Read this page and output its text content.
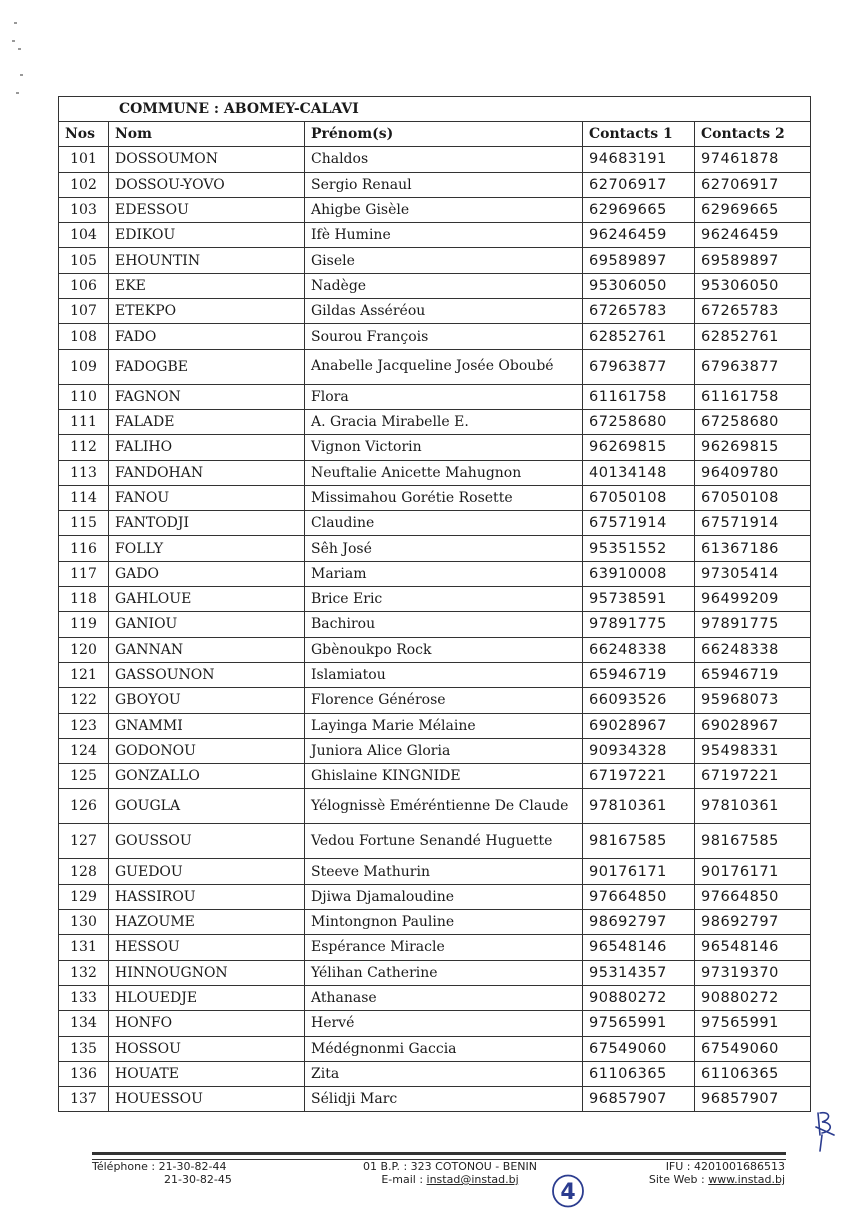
COMMUNE : ABOMEY-CALAVI				
Nos	Nom	Prénom(s)	Contacts 1	Contacts 2
101	DOSSOUMON	Chaldos	94683191	97461878
102	DOSSOU-YOVO	Sergio Renaul	62706917	62706917
103	EDESSOU	Ahigbe Gisèle	62969665	62969665
104	EDIKOU	Ifè Humine	96246459	96246459
105	EHOUNTIN	Gisele	69589897	69589897
106	EKE	Nadège	95306050	95306050
107	ETEKPO	Gildas Asséréou	67265783	67265783
108	FADO	Sourou François	62852761	62852761
109	FADOGBE	Anabelle Jacqueline Josée Oboubé	67963877	67963877
110	FAGNON	Flora	61161758	61161758
111	FALADE	A. Gracia Mirabelle E.	67258680	67258680
112	FALIHO	Vignon Victorin	96269815	96269815
113	FANDOHAN	Neuftalie Anicette Mahugnon	40134148	96409780
114	FANOU	Missimahou Gorétie Rosette	67050108	67050108
115	FANTODJI	Claudine	67571914	67571914
116	FOLLY	Sêh José	95351552	61367186
117	GADO	Mariam	63910008	97305414
118	GAHLOUE	Brice Eric	95738591	96499209
119	GANIOU	Bachirou	97891775	97891775
120	GANNAN	Gbènoukpo Rock	66248338	66248338
121	GASSOUNON	Islamiatou	65946719	65946719
122	GBOYOU	Florence Générose	66093526	95968073
123	GNAMMI	Layinga Marie Mélaine	69028967	69028967
124	GODONOU	Juniora Alice Gloria	90934328	95498331
125	GONZALLO	Ghislaine KINGNIDE	67197221	67197221
126	GOUGLA	Yélognissè Eméréntienne De Claude	97810361	97810361
127	GOUSSOU	Vedou Fortune Senandé Huguette	98167585	98167585
128	GUEDOU	Steeve Mathurin	90176171	90176171
129	HASSIROU	Djiwa Djamaloudine	97664850	97664850
130	HAZOUME	Mintongnon Pauline	98692797	98692797
131	HESSOU	Espérance Miracle	96548146	96548146
132	HINNOUGNON	Yélihan Catherine	95314357	97319370
133	HLOUEDJE	Athanase	90880272	90880272
134	HONFO	Hervé	97565991	97565991
135	HOSSOU	Médégnonmi Gaccia	67549060	67549060
136	HOUATE	Zita	61106365	61106365
137	HOUESSOU	Sélidji Marc	96857907	96857907
Téléphone : 21-30-82-44
21-30-82-45
01 B.P. : 323 COTONOU - BENIN
E-mail : instad@instad.bj
IFU : 4201001686513
Site Web : www.instad.bj
4
